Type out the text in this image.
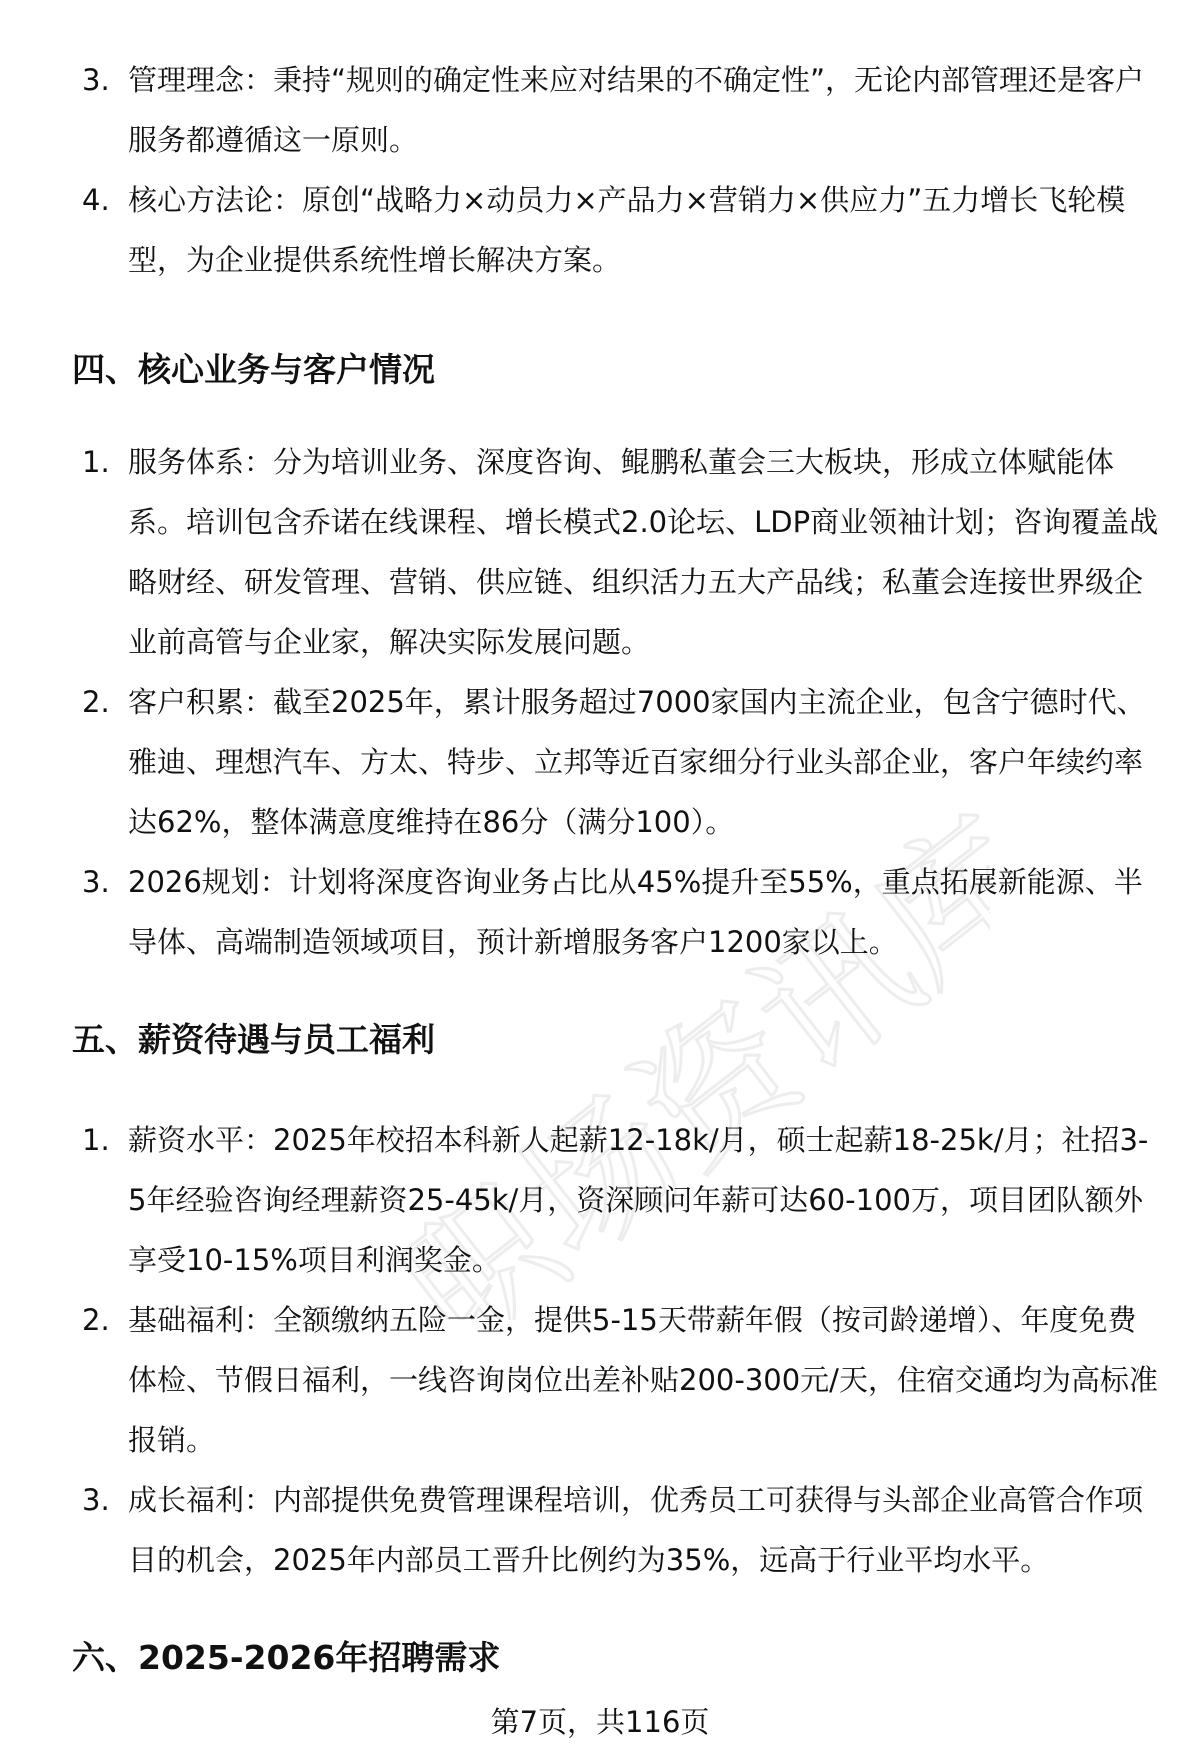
职场资讯库
3. 管理理念：秉持“规则的确定性来应对结果的不确定性”，无论内部管理还是客户服务都遵循这一原则。
4. 核心方法论：原创“战略力×动员力×产品力×营销力×供应力”五力增长飞轮模型，为企业提供系统性增长解决方案。
四、核心业务与客户情况
1. 服务体系：分为培训业务、深度咨询、鲲鹏私董会三大板块，形成立体赋能体系。培训包含乔诺在线课程、增长模式2.0论坛、LDP商业领袖计划；咨询覆盖战略财经、研发管理、营销、供应链、组织活力五大产品线；私董会连接世界级企业前高管与企业家，解决实际发展问题。
2. 客户积累：截至2025年，累计服务超过7000家国内主流企业，包含宁德时代、雅迪、理想汽车、方太、特步、立邦等近百家细分行业头部企业，客户年续约率达62%，整体满意度维持在86分（满分100）。
3. 2026规划：计划将深度咨询业务占比从45%提升至55%，重点拓展新能源、半导体、高端制造领域项目，预计新增服务客户1200家以上。
五、薪资待遇与员工福利
1. 薪资水平：2025年校招本科新人起薪12-18k/月，硕士起薪18-25k/月；社招3-5年经验咨询经理薪资25-45k/月，资深顾问年薪可达60-100万，项目团队额外享受10-15%项目利润奖金。
2. 基础福利：全额缴纳五险一金，提供5-15天带薪年假（按司龄递增）、年度免费体检、节假日福利，一线咨询岗位出差补贴200-300元/天，住宿交通均为高标准报销。
3. 成长福利：内部提供免费管理课程培训，优秀员工可获得与头部企业高管合作项目的机会，2025年内部员工晋升比例约为35%，远高于行业平均水平。
六、2025-2026年招聘需求
第7页，共116页
